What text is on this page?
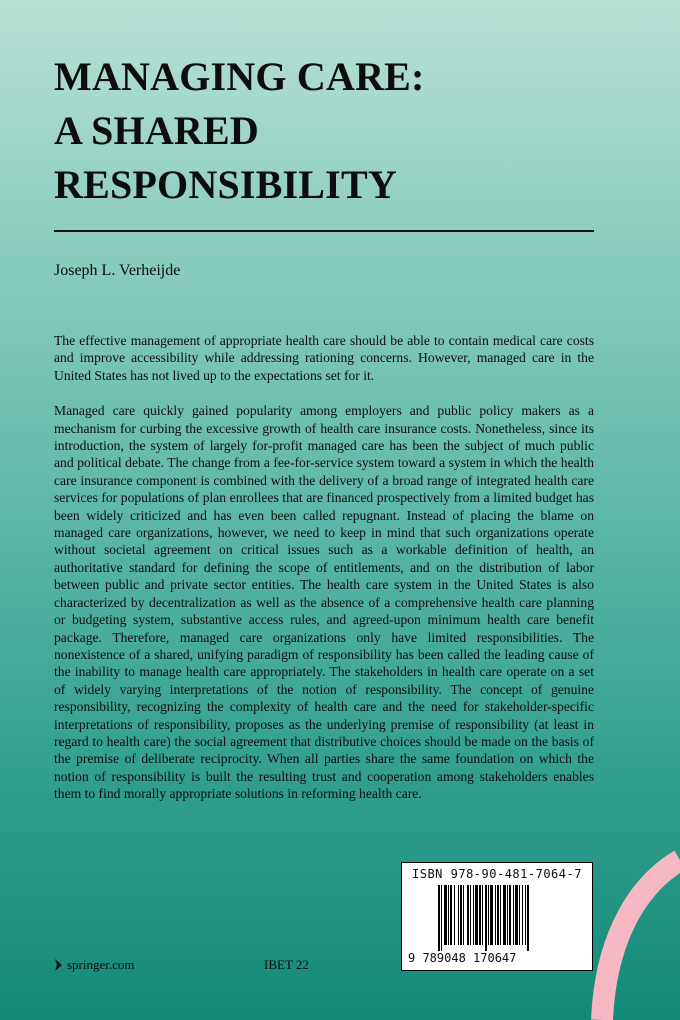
MANAGING CARE:
A SHARED
RESPONSIBILITY
Joseph L. Verheijde

The effective management of appropriate health care should be able to contain medical care costs and improve accessibility while addressing rationing concerns. However, managed care in the United States has not lived up to the expectations set for it.

Managed care quickly gained popularity among employers and public policy makers as a mechanism for curbing the excessive growth of health care insurance costs. Nonetheless, since its introduction, the system of largely for-profit managed care has been the subject of much public and political debate. The change from a fee-for-service system toward a system in which the health care insurance component is combined with the delivery of a broad range of integrated health care services for populations of plan enrollees that are financed prospectively from a limited budget has been widely criticized and has even been called repugnant. Instead of placing the blame on managed care organizations, however, we need to keep in mind that such organizations operate without societal agreement on critical issues such as a workable definition of health, an authoritative standard for defining the scope of entitlements, and on the distribution of labor between public and private sector entities. The health care system in the United States is also characterized by decentralization as well as the absence of a comprehensive health care planning or budgeting system, substantive access rules, and agreed-upon minimum health care benefit package. Therefore, managed care organizations only have limited responsibilities. The nonexistence of a shared, unifying paradigm of responsibility has been called the leading cause of the inability to manage health care appropriately. The stakeholders in health care operate on a set of widely varying interpretations of the notion of responsibility. The concept of genuine responsibility, recognizing the complexity of health care and the need for stakeholder-specific interpretations of responsibility, proposes as the underlying premise of responsibility (at least in regard to health care) the social agreement that distributive choices should be made on the basis of the premise of deliberate reciprocity. When all parties share the same foundation on which the notion of responsibility is built the resulting trust and cooperation among stakeholders enables them to find morally appropriate solutions in reforming health care.

ISBN 978-90-481-7064-7
9 789048 170647
springer.com	IBET 22
